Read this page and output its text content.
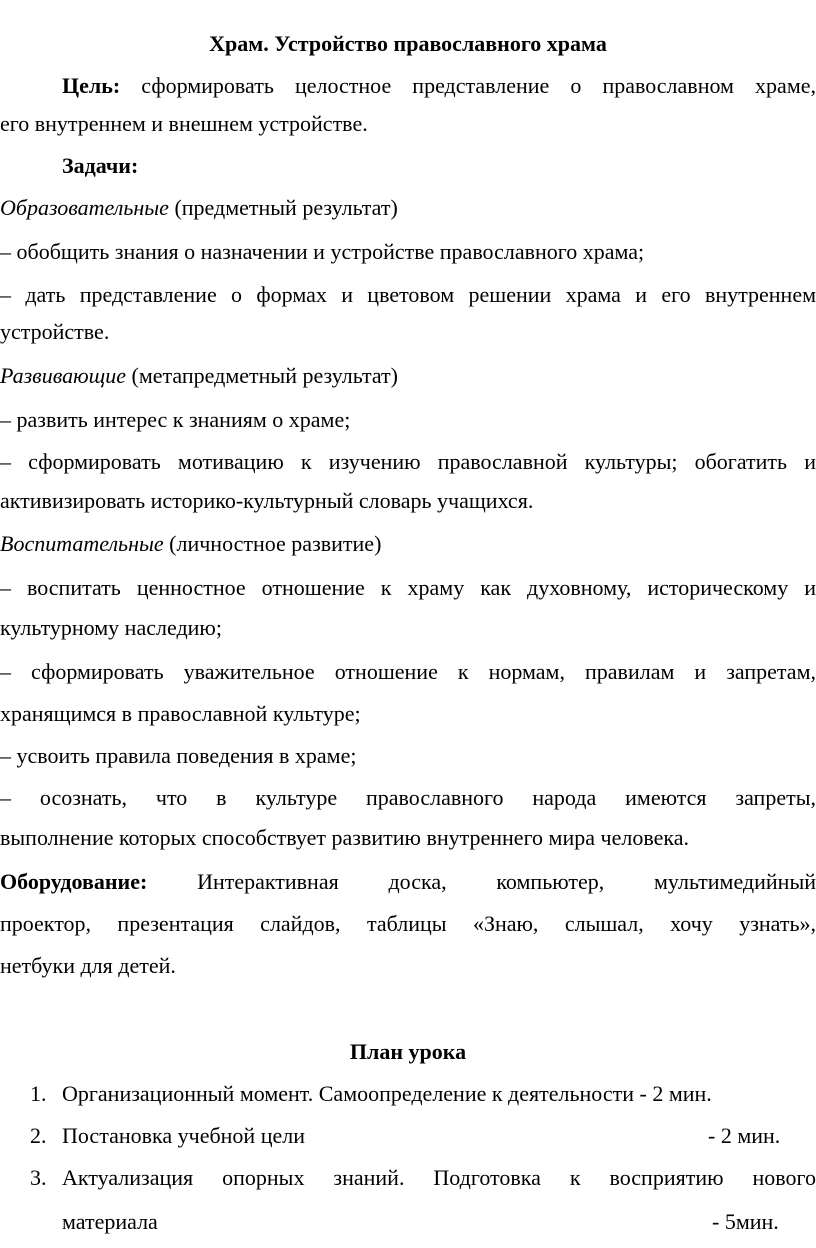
Храм. Устройство православного храма
Цель: сформировать целостное представление о православном храме,
его внутреннем и внешнем устройстве.
Задачи:
Образовательные (предметный результат)
– обобщить знания о назначении и устройстве православного храма;
– дать представление о формах и цветовом решении храма и его внутреннем
устройстве.
Развивающие (метапредметный результат)
– развить интерес к знаниям о храме;
– сформировать мотивацию к изучению православной культуры; обогатить и
активизировать историко-культурный словарь учащихся.
Воспитательные (личностное развитие)
– воспитать ценностное отношение к храму как духовному, историческому и
культурному наследию;
– сформировать уважительное отношение к нормам, правилам и запретам,
хранящимся в православной культуре;
– усвоить правила поведения в храме;
– осознать, что в культуре православного народа имеются запреты,
выполнение которых способствует развитию внутреннего мира человека.
Оборудование: Интерактивная доска, компьютер, мультимедийный
проектор, презентация слайдов, таблицы «Знаю, слышал, хочу узнать»,
нетбуки для детей.
План урока
1. Организационный момент. Самоопределение к деятельности - 2 мин.
2. Постановка учебной цели	- 2 мин.
3. Актуализация опорных знаний. Подготовка к восприятию нового
материала	- 5мин.
